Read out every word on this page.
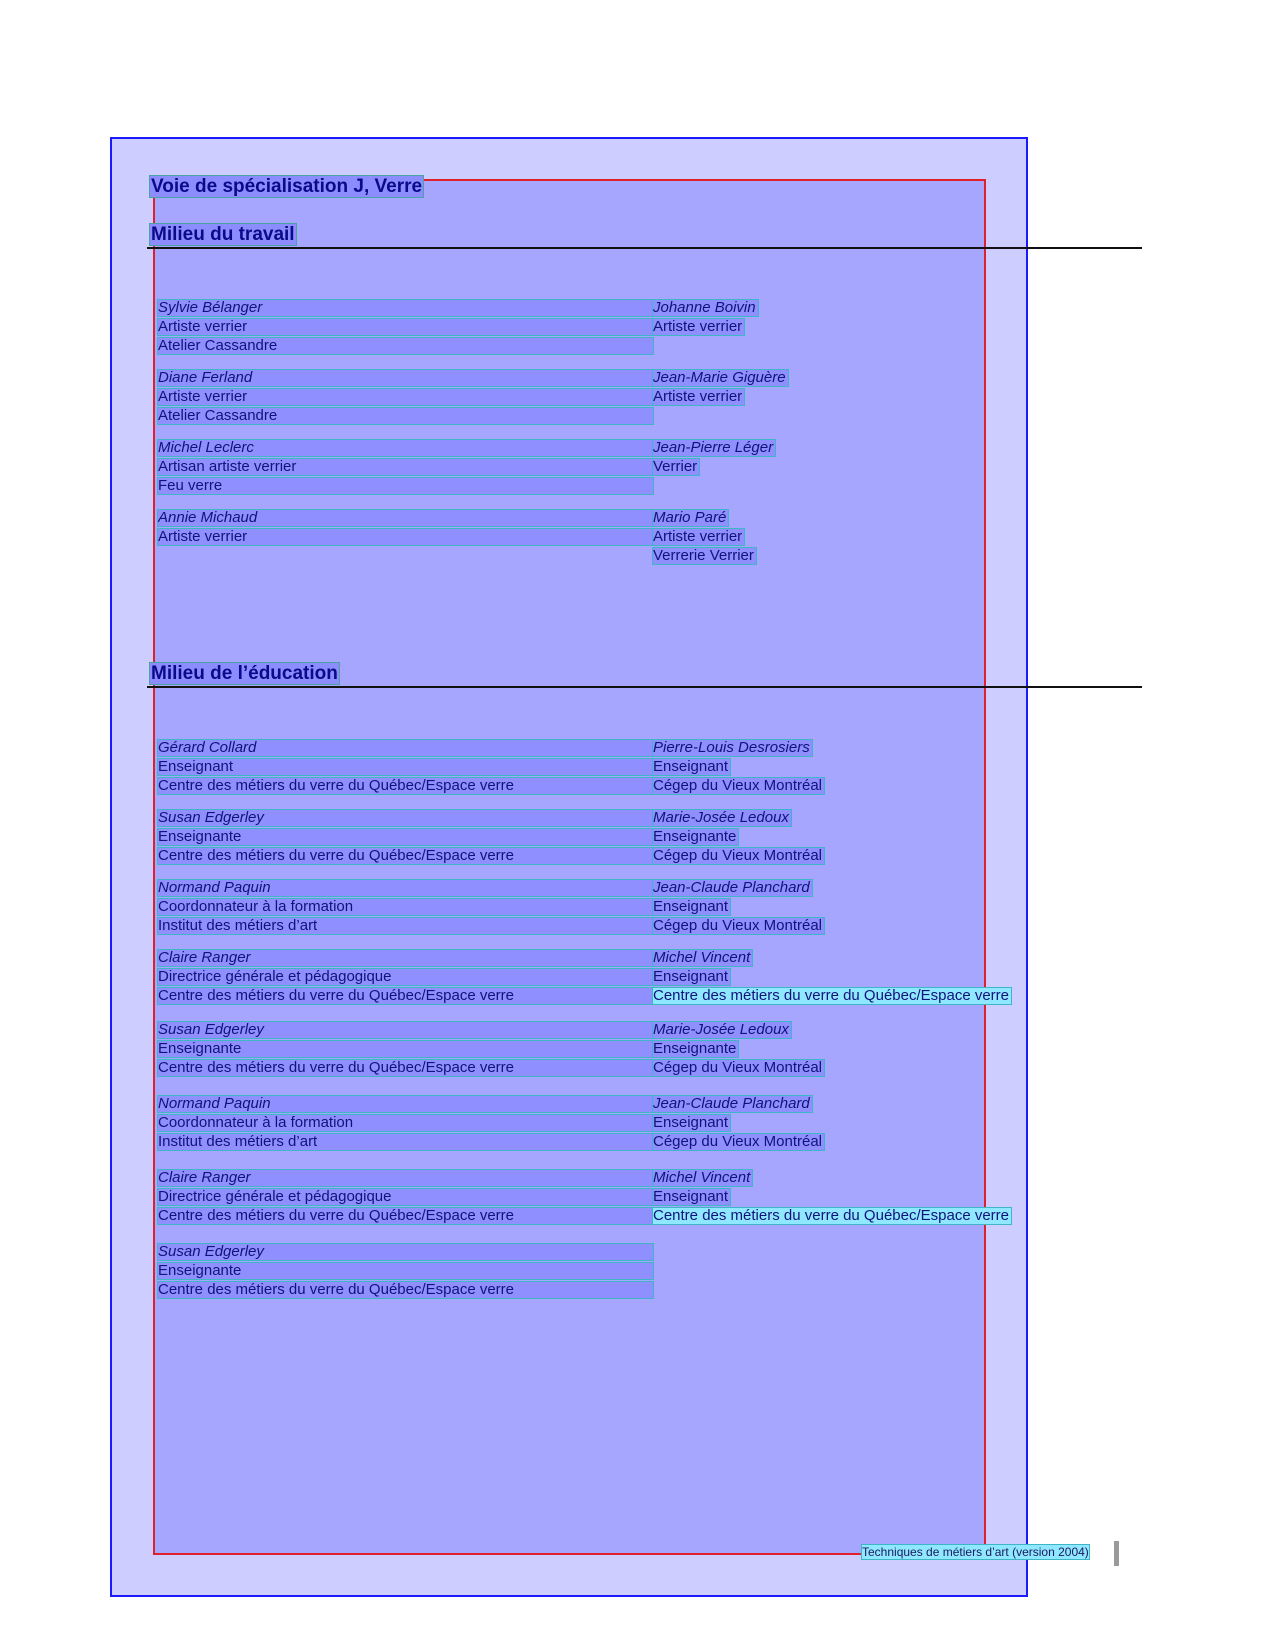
Voie de spécialisation J, Verre
Milieu du travail
Milieu de l’éducation
Sylvie Bélanger
Artiste verrier
Atelier Cassandre
Johanne Boivin
Artiste verrier
Diane Ferland
Artiste verrier
Atelier Cassandre
Jean-Marie Giguère
Artiste verrier
Michel Leclerc
Artisan artiste verrier
Feu verre
Jean-Pierre Léger
Verrier
Annie Michaud
Artiste verrier
Mario Paré
Artiste verrier
Verrerie Verrier
Gérard Collard
Enseignant
Centre des métiers du verre du Québec/Espace verre
Pierre-Louis Desrosiers
Enseignant
Cégep du Vieux Montréal
Susan Edgerley
Enseignante
Centre des métiers du verre du Québec/Espace verre
Marie-Josée Ledoux
Enseignante
Cégep du Vieux Montréal
Normand Paquin
Coordonnateur à la formation
Institut des métiers d’art
Jean-Claude Planchard
Enseignant
Cégep du Vieux Montréal
Claire Ranger
Directrice générale et pédagogique
Centre des métiers du verre du Québec/Espace verre
Michel Vincent
Enseignant
Centre des métiers du verre du Québec/Espace verre
Susan Edgerley
Enseignante
Centre des métiers du verre du Québec/Espace verre
Marie-Josée Ledoux
Enseignante
Cégep du Vieux Montréal
Normand Paquin
Coordonnateur à la formation
Institut des métiers d’art
Jean-Claude Planchard
Enseignant
Cégep du Vieux Montréal
Claire Ranger
Directrice générale et pédagogique
Centre des métiers du verre du Québec/Espace verre
Michel Vincent
Enseignant
Centre des métiers du verre du Québec/Espace verre
Susan Edgerley
Enseignante
Centre des métiers du verre du Québec/Espace verre
Techniques de métiers d’art (version 2004)
